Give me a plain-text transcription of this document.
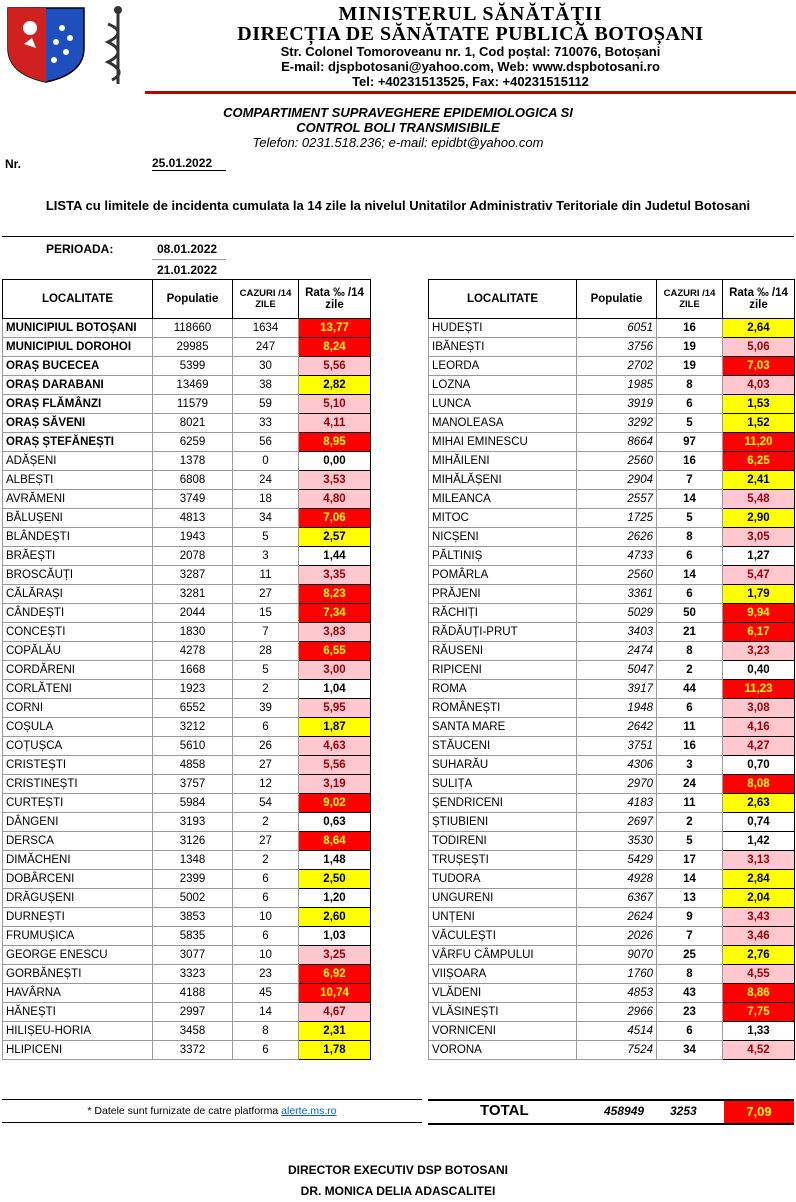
MINISTERUL SĂNĂTĂȚII
DIRECȚIA DE SĂNĂTATE PUBLICĂ BOTOȘANI
Str. Colonel Tomoroveanu nr. 1, Cod poștal: 710076, Botoșani
E-mail: djspbotosani@yahoo.com, Web: www.dspbotosani.ro
Tel: +40231513525, Fax: +40231515112
COMPARTIMENT SUPRAVEGHERE EPIDEMIOLOGICA SI
CONTROL BOLI TRANSMISIBILE
Telefon: 0231.518.236; e-mail: epidbt@yahoo.com
Nr.	25.01.2022
LISTA cu limitele de incidenta cumulata la 14 zile la nivelul Unitatilor Administrativ Teritoriale din Judetul Botosani
PERIOADA:	08.01.2022
21.01.2022
LOCALITATE	Populatie	CAZURI /14 ZILE	Rata ‰ /14 zile
MUNICIPIUL BOTOȘANI	118660	1634	13,77
MUNICIPIUL DOROHOI	29985	247	8,24
ORAȘ BUCECEA	5399	30	5,56
ORAȘ DARABANI	13469	38	2,82
ORAȘ FLĂMÂNZI	11579	59	5,10
ORAȘ SĂVENI	8021	33	4,11
ORAȘ ȘTEFĂNEȘTI	6259	56	8,95
ADĂȘENI	1378	0	0,00
ALBEȘTI	6808	24	3,53
AVRĂMENI	3749	18	4,80
BĂLUȘENI	4813	34	7,06
BLÂNDEȘTI	1943	5	2,57
BRĂEȘTI	2078	3	1,44
BROSCĂUȚI	3287	11	3,35
CĂLĂRAȘI	3281	27	8,23
CÂNDEȘTI	2044	15	7,34
CONCEȘTI	1830	7	3,83
COPĂLĂU	4278	28	6,55
CORDĂRENI	1668	5	3,00
CORLĂTENI	1923	2	1,04
CORNI	6552	39	5,95
COȘULA	3212	6	1,87
COȚUȘCA	5610	26	4,63
CRISTEȘTI	4858	27	5,56
CRISTINEȘTI	3757	12	3,19
CURTEȘTI	5984	54	9,02
DÂNGENI	3193	2	0,63
DERSCA	3126	27	8,64
DIMĂCHENI	1348	2	1,48
DOBÂRCENI	2399	6	2,50
DRĂGUȘENI	5002	6	1,20
DURNEȘTI	3853	10	2,60
FRUMUȘICA	5835	6	1,03
GEORGE ENESCU	3077	10	3,25
GORBĂNEȘTI	3323	23	6,92
HAVÂRNA	4188	45	10,74
HĂNEȘTI	2997	14	4,67
HILIȘEU-HORIA	3458	8	2,31
HLIPICENI	3372	6	1,78
LOCALITATE	Populatie	CAZURI /14 ZILE	Rata ‰ /14 zile
HUDEȘTI	6051	16	2,64
IBĂNEȘTI	3756	19	5,06
LEORDA	2702	19	7,03
LOZNA	1985	8	4,03
LUNCA	3919	6	1,53
MANOLEASA	3292	5	1,52
MIHAI EMINESCU	8664	97	11,20
MIHĂILENI	2560	16	6,25
MIHĂLĂȘENI	2904	7	2,41
MILEANCA	2557	14	5,48
MITOC	1725	5	2,90
NICȘENI	2626	8	3,05
PĂLTINIȘ	4733	6	1,27
POMÂRLA	2560	14	5,47
PRĂJENI	3361	6	1,79
RĂCHIȚI	5029	50	9,94
RĂDĂUȚI-PRUT	3403	21	6,17
RĂUSENI	2474	8	3,23
RIPICENI	5047	2	0,40
ROMA	3917	44	11,23
ROMÂNEȘTI	1948	6	3,08
SANTA MARE	2642	11	4,16
STĂUCENI	3751	16	4,27
SUHARĂU	4306	3	0,70
SULIȚA	2970	24	8,08
ȘENDRICENI	4183	11	2,63
ȘTIUBIENI	2697	2	0,74
TODIRENI	3530	5	1,42
TRUȘEȘTI	5429	17	3,13
TUDORA	4928	14	2,84
UNGURENI	6367	13	2,04
UNȚENI	2624	9	3,43
VĂCULEȘTI	2026	7	3,46
VÂRFU CÂMPULUI	9070	25	2,76
VIIȘOARA	1760	8	4,55
VLĂDENI	4853	43	8,86
VLĂSINEȘTI	2966	23	7,75
VORNICENI	4514	6	1,33
VORONA	7524	34	4,52
* Datele sunt furnizate de catre platforma alerte.ms.ro	TOTAL	458949 3253	7,09
DIRECTOR EXECUTIV DSP BOTOSANI
DR. MONICA DELIA ADASCALITEI
